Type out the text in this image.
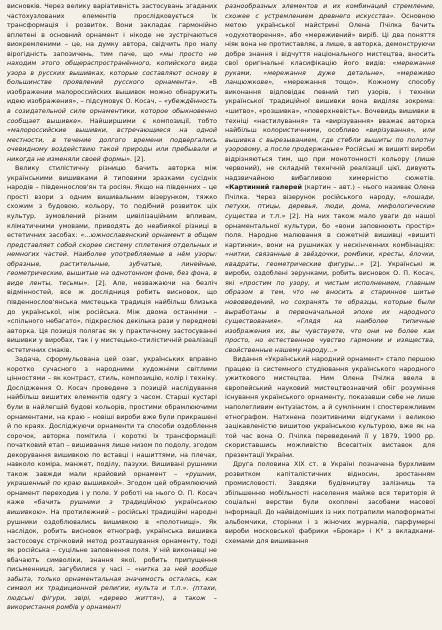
висновків. Через велику варіативність застосувань згаданих частохузлованих елементів прослідковується їх трансформація і розвиток. Вони закладає гармонійно вплетені в основний орнамент і нікоде не зустрічаються виокремленими – це, на думку автора, свідчить про малу вірогідність запозичень, тим паче, що «мы просто не находим этого общераспространённого, копийского вида узора в русских вышивках, которые составляют основу в большинстве проявлений русского орнамента». «В изображении малороссийских вышивок можно обнаружить идею изображения», – підсумовує О. Косач, – «убеждённость в созидательной силе орнаментики, которое обыкновенно сообщает вышивке». Найширшими є композиції, тобто «малороссийские вышивки, встречающиеся на одной местности, в течение долгого времени подвергались очевидному воздействию такой природы или пребывали и никогда не изменяли своей формы». [2].

Велику стилістичну різницю бачить авторка між українськими вишивками й типовими зразками сусідніх народів – південнослов'ян та росіян. Якщо на південних – це прості взори з одним вишивальним візерунком, тяжко схожим з будовою, кольору, то подібний розвиток ціх культур, зумовлений різним цивілізаційним впливам, кліматичними умовами, приводять до неабиякої різниці в естетичних засобах: «...южнославянский орнамент в общем представляет собой скорее систему сплетения отдельных и немногих частей. Наиболее употребляемые в нём узоры: образные, растительные, зубчатые, линейные, геометрические, вышитые на однотонном фоне, без фона, в виде ленты, тесьмы». [2]. Але, незважаючи на безліч відмінностей, все ж дослідниця робить висновок, що південнослов'янська мистецька традиція найбільш близька до української, ніж російська. Між двома останніми – «спільного небагато», підкреслює декілька рази у передмові авторка. Ця позиція полягає як у практичному застосуванні вишивки у виробах, так і у мистецько-стилістичній реалізації естетичних смаків.

Задача, сформульована цей озаг, українських вправно коротко сучасного з народними художніми світлими цінностями – як контраст, стиль, композицію, колір і техніку. Дослідження О. Косач проведене з позицій наслідування найбільш вишитих елементів одягу з часом. Старші кустарі були в найлегшій будові кольорів, простими обрамлюючими орнаментами, на краю – новіші вироби вже були прикрашені й по краях. Досліджуючи орнаменти та способи оздоблення сорочок, авторка помітила і короткі їх трансформації: початковий етап – вишивання лише низом по подолу, згодом декорування вишивкою по вставці і нашиттями, на плечах, навколо коміра, манжет, поділу, пазухи. Вишивані рушники також завжди мали крайовий орнамент – «рушник, украшенный по краю вышивкой». Згодом цей обрамлюючий орнамент переходив і у поле. У роботі на нього О. П. Косач каже «бачить рушники з традиційною українською вишивкою». На протилежний – російські традиційні народні рушники оздоблювались вишивкою в «полотнищі». Як наслідок, робить висновок етнограф, українська вишивка застосовує стрічковий метод розташування орнаменту, тоді як російська – суцільне заповнення поля. У ній виконавці не вбачають символіки, знання якої, робить припущення письменниця, загубилися у часі – «нитка за ней вообще забыта, только орнаментальная значимость осталась, как символ их традиционной религии, культа и т.п.». (птахи, людські фігури, звірі, «дерево життя»), а також – використання ромбів у орнаменті

разнообразных элементов и их комбинаций стремление, схожее с устремлением древнего искусства». Основною метою української майстрині Олена Пчілка бачить «одухотворення», або «мереживний» виріб. Ці два поняття ніяк вона не протиставляє, а лише, в авторка, демонструючи добре знання і відчуття національного мистецтва, вносить свої оригінальні класифікацію його видів: «мережання руками, «мережання дуже детальне», «мереживо ланцюжкове», «мережання тощо». Кожному способу виконання відповідає певний тип узорів, і техніки української традиційної вишивки вона виділяє зокрема: «шитво», «розшивка», «поверхневість». Вочевидь вишивки в техніці «настилування» та «вирізування» вважає авторка найбільш колористичними, особливо «вирізування», или вышивка с вырезыванием, где стебли вышиты по полотну узоровому, а после продержаные» Російські ж вишиті вироби відрізняються тим, що при монотонності кольору (лише червоний), не складній технічній реалізації цієї, дивують надзвичайною вибагливою химерністю сюжетів. «Картинний галерей (картин – авт.) – нього називає Олена Пчілка. Через візерунок російського народу, «лошади, петухи, птицы, деревья, люди, дома, мифологические существа и т.п.» [2]. На них також мало уваги до нашої орнаментальної культури, бо «вони заповнюють простір» поля. Народне малювання в сюжетній вишивці «вишиті картинки», вони на рушниках у нескінченних комбінаціях: «нитки, связанные в звёздочки, ромбики, кресты, ёлочки, квадраты, геометрические фигуры...» [2]. Українські ж вироби, оздоблені зерунками, робить висновок О. П. Косач, які «простим по узору, и чистым исполнением, главным образом в тем, что не вносить в старинное шитье нововведений, но сохранять те образцы, которые были выработаны в первоначальной эпохе их народного существования». «Глядя на наиболее типичные изображения их, вы чувствуете, что они не более как просто, но естественное чувство гармонии и изящества, свойственные нашему народу...»

Видання «Український народний орнамент» стало першою працею із системного студіювання українського народного ужиткового мистецтва. Ним Олена Пчілка ввела в європейський науковий мистецтвознавчий обіг розуміння існування українського орнаменту, показавши себе не лише наполегливим ентузіастом, а й сумлінним і спостережливим етнографом. Натхнена позитивними відгуками і великою зацікавленістю вишитою українською культурою, вже як на той час вона О. Пчілка переведений її у 1879, 1900 рр. скориставшись можливістю Всесвітніх виставок для презентації України.

Друга половина XIX ст. в Україні позначена бурхливим розвитком капіталістичних відносин, зростанням промисловості. Завдяки будівництву залізниць та збільшенню мобільності населення майже вся територія й соціальні верстви були охоплені засобами масової інформації. До найвідоміших із них потрапили малоформатні альбомчики, сторінки і з жіночих журналів, парфумерні вироби московської фабрики «Брокар» і К° з вкладками-схемами для вишивання
